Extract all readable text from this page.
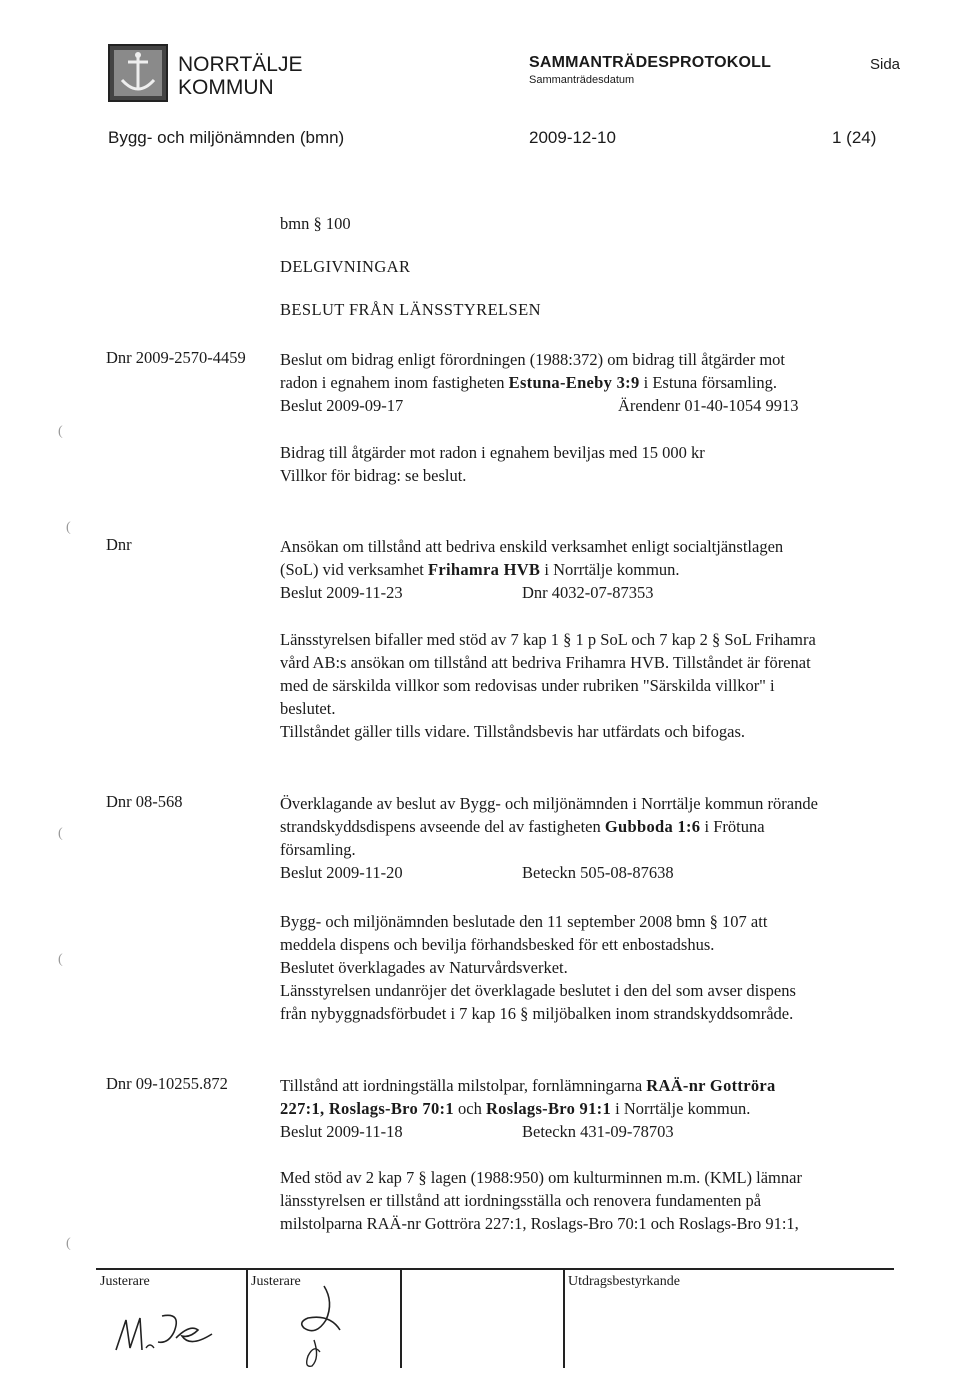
NORRTÄLJE
KOMMUN
SAMMANTRÄDESPROTOKOLL
Sammanträdesdatum
Sida
Bygg- och miljönämnden (bmn)	2009-12-10	1 (24)
bmn § 100
DELGIVNINGAR
BESLUT FRÅN LÄNSSTYRELSEN
Dnr 2009-2570-4459 Beslut om bidrag enligt förordningen (1988:372) om bidrag till åtgärder mot
radon i egnahem inom fastigheten Estuna-Eneby 3:9 i Estuna församling.
Beslut 2009-09-17	Ärendenr 01-40-1054 9913
Bidrag till åtgärder mot radon i egnahem beviljas med 15 000 kr
Villkor för bidrag: se beslut.
Dnr	Ansökan om tillstånd att bedriva enskild verksamhet enligt socialtjänstlagen
(SoL) vid verksamhet Frihamra HVB i Norrtälje kommun.
Beslut 2009-11-23	Dnr 4032-07-87353
Länsstyrelsen bifaller med stöd av 7 kap 1 § 1 p SoL och 7 kap 2 § SoL Frihamra
vård AB:s ansökan om tillstånd att bedriva Frihamra HVB. Tillståndet är förenat
med de särskilda villkor som redovisas under rubriken "Särskilda villkor" i
beslutet.
Tillståndet gäller tills vidare. Tillståndsbevis har utfärdats och bifogas.
Dnr 08-568	Överklagande av beslut av Bygg- och miljönämnden i Norrtälje kommun rörande
strandskyddsdispens avseende del av fastigheten Gubboda 1:6 i Frötuna
församling.
Beslut 2009-11-20	Beteckn 505-08-87638
Bygg- och miljönämnden beslutade den 11 september 2008 bmn § 107 att
meddela dispens och bevilja förhandsbesked för ett enbostadshus.
Beslutet överklagades av Naturvårdsverket.
Länsstyrelsen undanröjer det överklagade beslutet i den del som avser dispens
från nybyggnadsförbudet i 7 kap 16 § miljöbalken inom strandskyddsområde.
Dnr 09-10255.872	Tillstånd att iordningställa milstolpar, fornlämningarna RAÄ-nr Gottröra
227:1, Roslags-Bro 70:1 och Roslags-Bro 91:1 i Norrtälje kommun.
Beslut 2009-11-18	Beteckn 431-09-78703
Med stöd av 2 kap 7 § lagen (1988:950) om kulturminnen m.m. (KML) lämnar
länsstyrelsen er tillstånd att iordningsställa och renovera fundamenten på
milstolparna RAÄ-nr Gottröra 227:1, Roslags-Bro 70:1 och Roslags-Bro 91:1,
(
(
(
(
(
Justerare	Justerare	Utdragsbestyrkande
